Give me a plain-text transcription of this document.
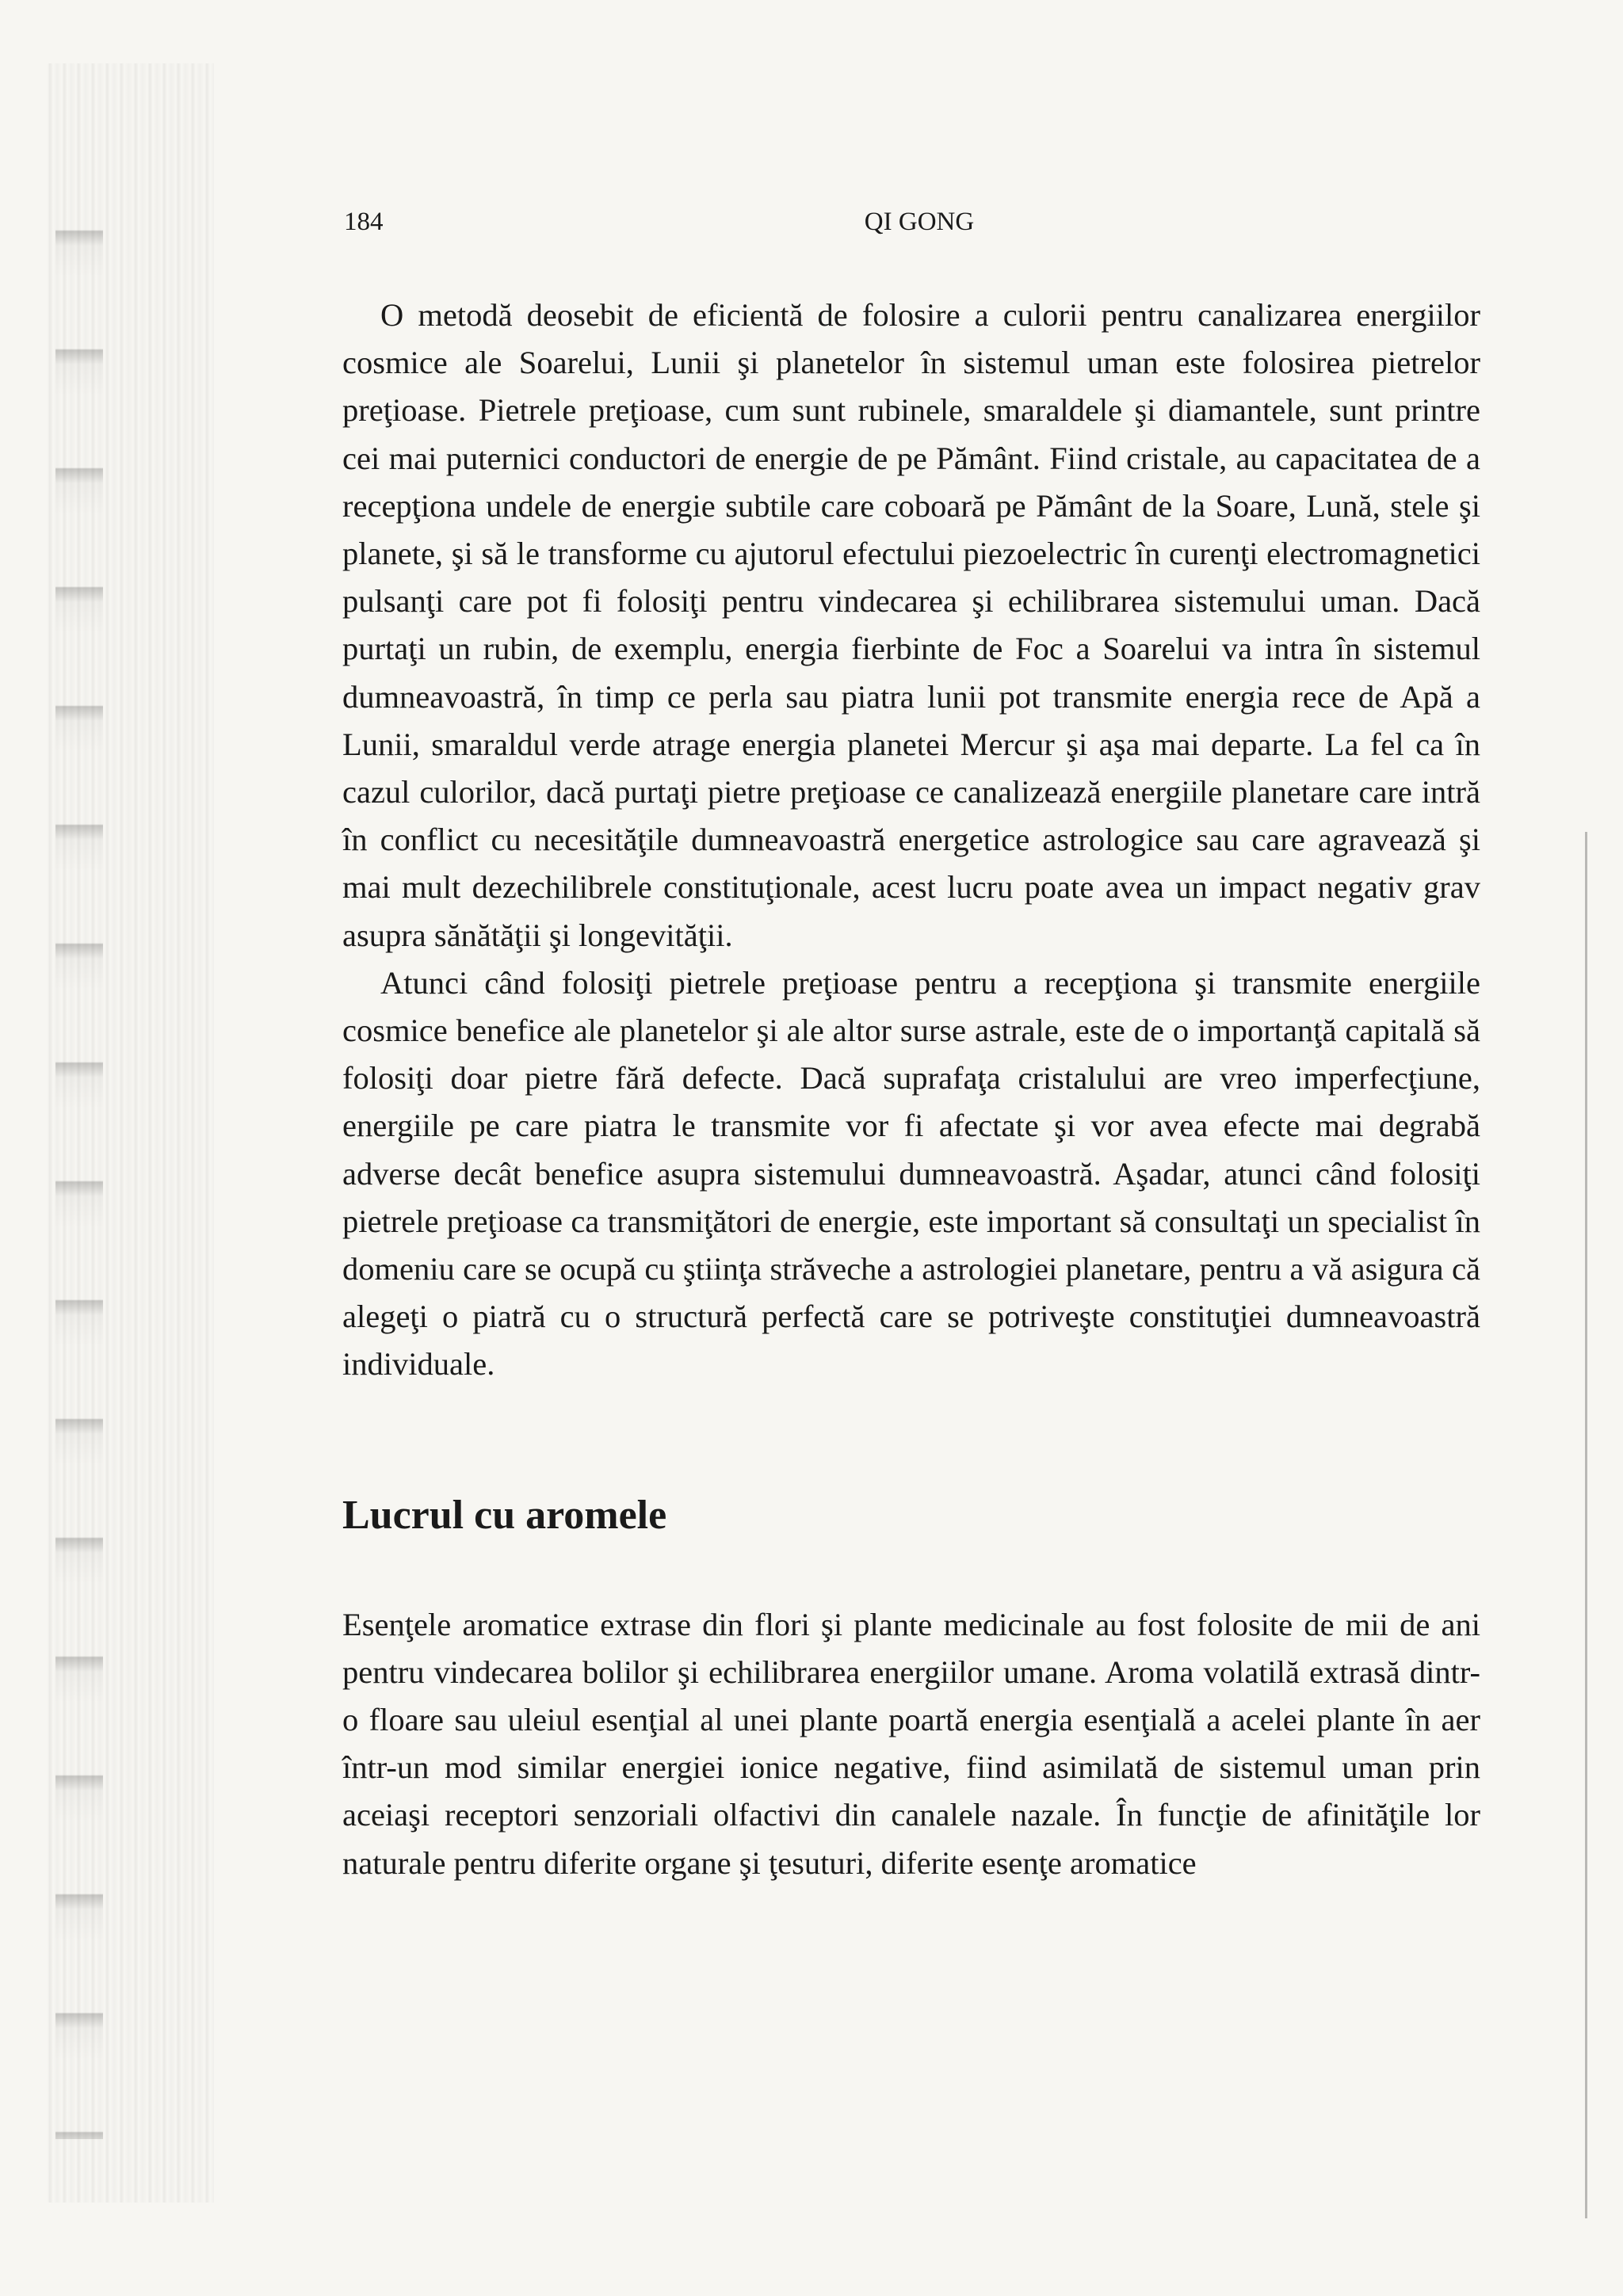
184	QI GONG

O metodă deosebit de eficientă de folosire a culorii pentru canalizarea energiilor cosmice ale Soarelui, Lunii şi planetelor în sistemul uman este folosirea pietrelor preţioase. Pietrele preţioase, cum sunt rubinele, smaraldele şi diamantele, sunt printre cei mai puternici conductori de energie de pe Pământ. Fiind cristale, au capacitatea de a recepţiona undele de energie subtile care coboară pe Pământ de la Soare, Lună, stele şi planete, şi să le transforme cu ajutorul efectului piezoelectric în curenţi electromagnetici pulsanţi care pot fi folosiţi pentru vindecarea şi echilibrarea sistemului uman. Dacă purtaţi un rubin, de exemplu, energia fierbinte de Foc a Soarelui va intra în sistemul dumneavoastră, în timp ce perla sau piatra lunii pot transmite energia rece de Apă a Lunii, smaraldul verde atrage energia planetei Mercur şi aşa mai departe. La fel ca în cazul culorilor, dacă purtaţi pietre preţioase ce canalizează energiile planetare care intră în conflict cu necesităţile dumneavoastră energetice astrologice sau care agravează şi mai mult dezechilibrele constituţionale, acest lucru poate avea un impact negativ grav asupra sănătăţii şi longevităţii.

Atunci când folosiţi pietrele preţioase pentru a recepţiona şi transmite energiile cosmice benefice ale planetelor şi ale altor surse astrale, este de o importanţă capitală să folosiţi doar pietre fără defecte. Dacă suprafaţa cristalului are vreo imperfecţiune, energiile pe care piatra le transmite vor fi afectate şi vor avea efecte mai degrabă adverse decât benefice asupra sistemului dumneavoastră. Aşadar, atunci când folosiţi pietrele preţioase ca transmiţători de energie, este important să consultaţi un specialist în domeniu care se ocupă cu ştiinţa străveche a astrologiei planetare, pentru a vă asigura că alegeţi o piatră cu o structură perfectă care se potriveşte constituţiei dumneavoastră individuale.

Lucrul cu aromele

Esenţele aromatice extrase din flori şi plante medicinale au fost folosite de mii de ani pentru vindecarea bolilor şi echilibrarea energiilor umane. Aroma volatilă extrasă dintr-o floare sau uleiul esenţial al unei plante poartă energia esenţială a acelei plante în aer într-un mod similar energiei ionice negative, fiind asimilată de sistemul uman prin aceiaşi receptori senzoriali olfactivi din canalele nazale. În funcţie de afinităţile lor naturale pentru diferite organe şi ţesuturi, diferite esenţe aromatice
